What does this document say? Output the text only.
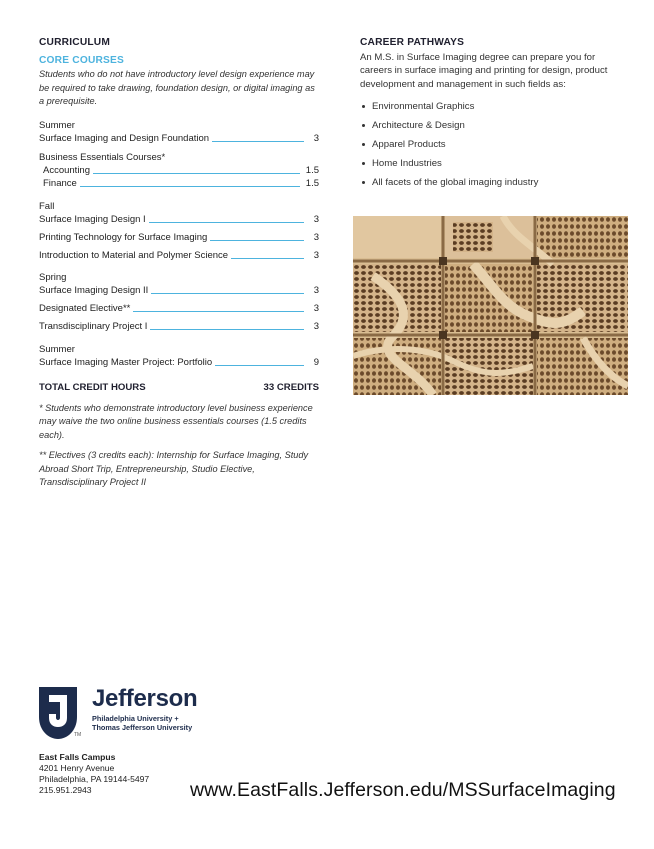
CURRICULUM
CORE COURSES
Students who do not have introductory level design experience may be required to take drawing, foundation design, or digital imaging as a prerequisite.
Summer
Surface Imaging and Design Foundation	3
Business Essentials Courses*
Accounting	1.5
Finance	1.5
Fall
Surface Imaging Design I	3
Printing Technology for Surface Imaging	3
Introduction to Material and Polymer Science	3
Spring
Surface Imaging Design II	3
Designated Elective**	3
Transdisciplinary Project I	3
Summer
Surface Imaging Master Project: Portfolio	9
TOTAL CREDIT HOURS	33 CREDITS
* Students who demonstrate introductory level business experience may waive the two online business essentials courses (1.5 credits each).
** Electives (3 credits each): Internship for Surface Imaging, Study Abroad Short Trip, Entrepreneurship, Studio Elective, Transdisciplinary Project II
CAREER PATHWAYS
An M.S. in Surface Imaging degree can prepare you for careers in surface imaging and printing for design, product development and management in such fields as:
Environmental Graphics
Architecture & Design
Apparel Products
Home Industries
All facets of the global imaging industry
Jefferson
Philadelphia University +
Thomas Jefferson University
TM
East Falls Campus
4201 Henry Avenue
Philadelphia, PA 19144-5497
215.951.2943	www.EastFalls.Jefferson.edu/MSSurfaceImaging
